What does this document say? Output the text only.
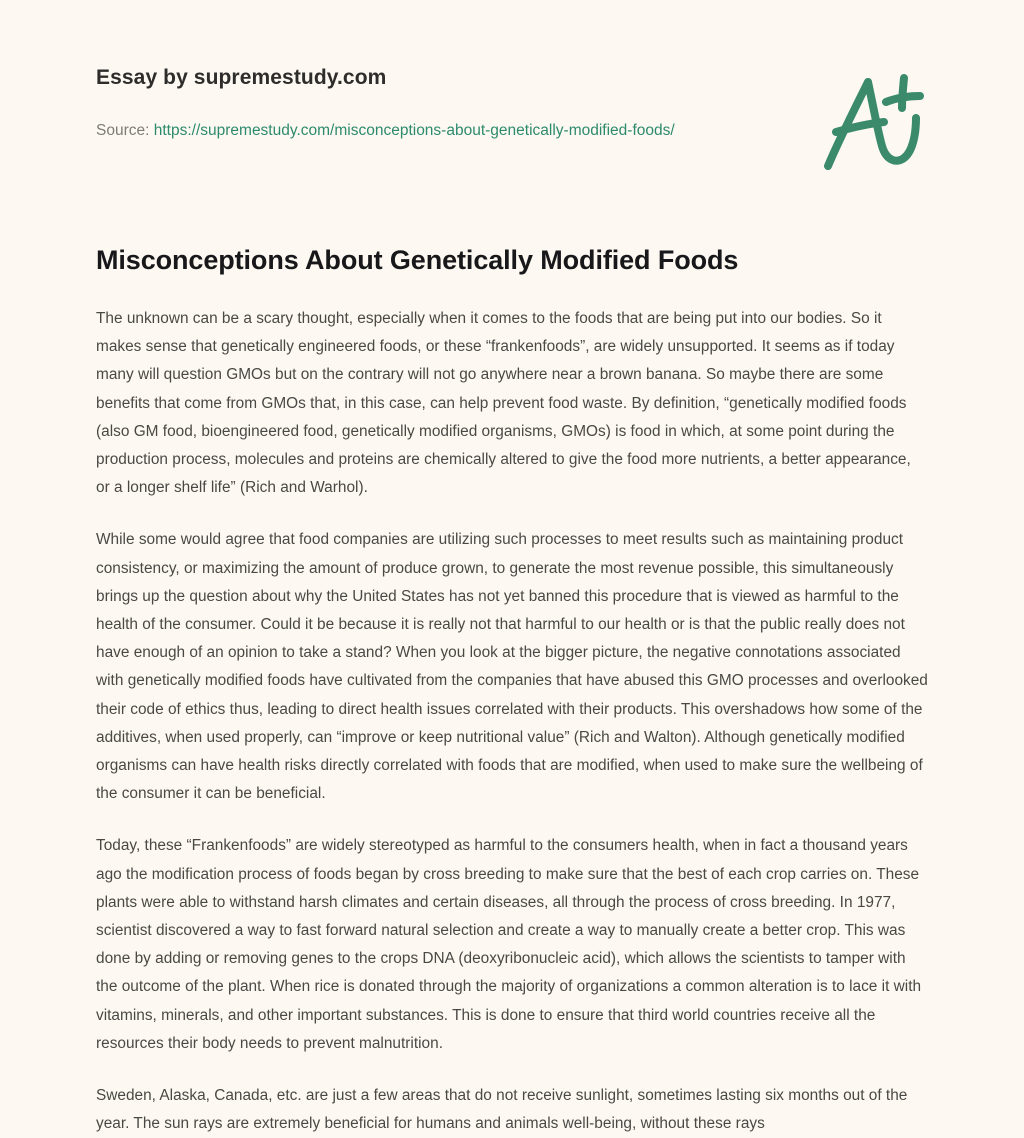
Essay by supremestudy.com
Source: https://supremestudy.com/misconceptions-about-genetically-modified-foods/
Misconceptions About Genetically Modified Foods

The unknown can be a scary thought, especially when it comes to the foods that are being put into our bodies. So it makes sense that genetically engineered foods, or these “frankenfoods”, are widely unsupported. It seems as if today many will question GMOs but on the contrary will not go anywhere near a brown banana. So maybe there are some benefits that come from GMOs that, in this case, can help prevent food waste. By definition, “genetically modified foods (also GM food, bioengineered food, genetically modified organisms, GMOs) is food in which, at some point during the production process, molecules and proteins are chemically altered to give the food more nutrients, a better appearance, or a longer shelf life” (Rich and Warhol).

While some would agree that food companies are utilizing such processes to meet results such as maintaining product consistency, or maximizing the amount of produce grown, to generate the most revenue possible, this simultaneously brings up the question about why the United States has not yet banned this procedure that is viewed as harmful to the health of the consumer. Could it be because it is really not that harmful to our health or is that the public really does not have enough of an opinion to take a stand? When you look at the bigger picture, the negative connotations associated with genetically modified foods have cultivated from the companies that have abused this GMO processes and overlooked their code of ethics thus, leading to direct health issues correlated with their products. This overshadows how some of the additives, when used properly, can “improve or keep nutritional value” (Rich and Walton). Although genetically modified organisms can have health risks directly correlated with foods that are modified, when used to make sure the wellbeing of the consumer it can be beneficial.

Today, these “Frankenfoods” are widely stereotyped as harmful to the consumers health, when in fact a thousand years ago the modification process of foods began by cross breeding to make sure that the best of each crop carries on. These plants were able to withstand harsh climates and certain diseases, all through the process of cross breeding. In 1977, scientist discovered a way to fast forward natural selection and create a way to manually create a better crop. This was done by adding or removing genes to the crops DNA (deoxyribonucleic acid), which allows the scientists to tamper with the outcome of the plant. When rice is donated through the majority of organizations a common alteration is to lace it with vitamins, minerals, and other important substances. This is done to ensure that third world countries receive all the resources their body needs to prevent malnutrition.

Sweden, Alaska, Canada, etc. are just a few areas that do not receive sunlight, sometimes lasting six months out of the year. The sun rays are extremely beneficial for humans and animals well-being, without these rays
